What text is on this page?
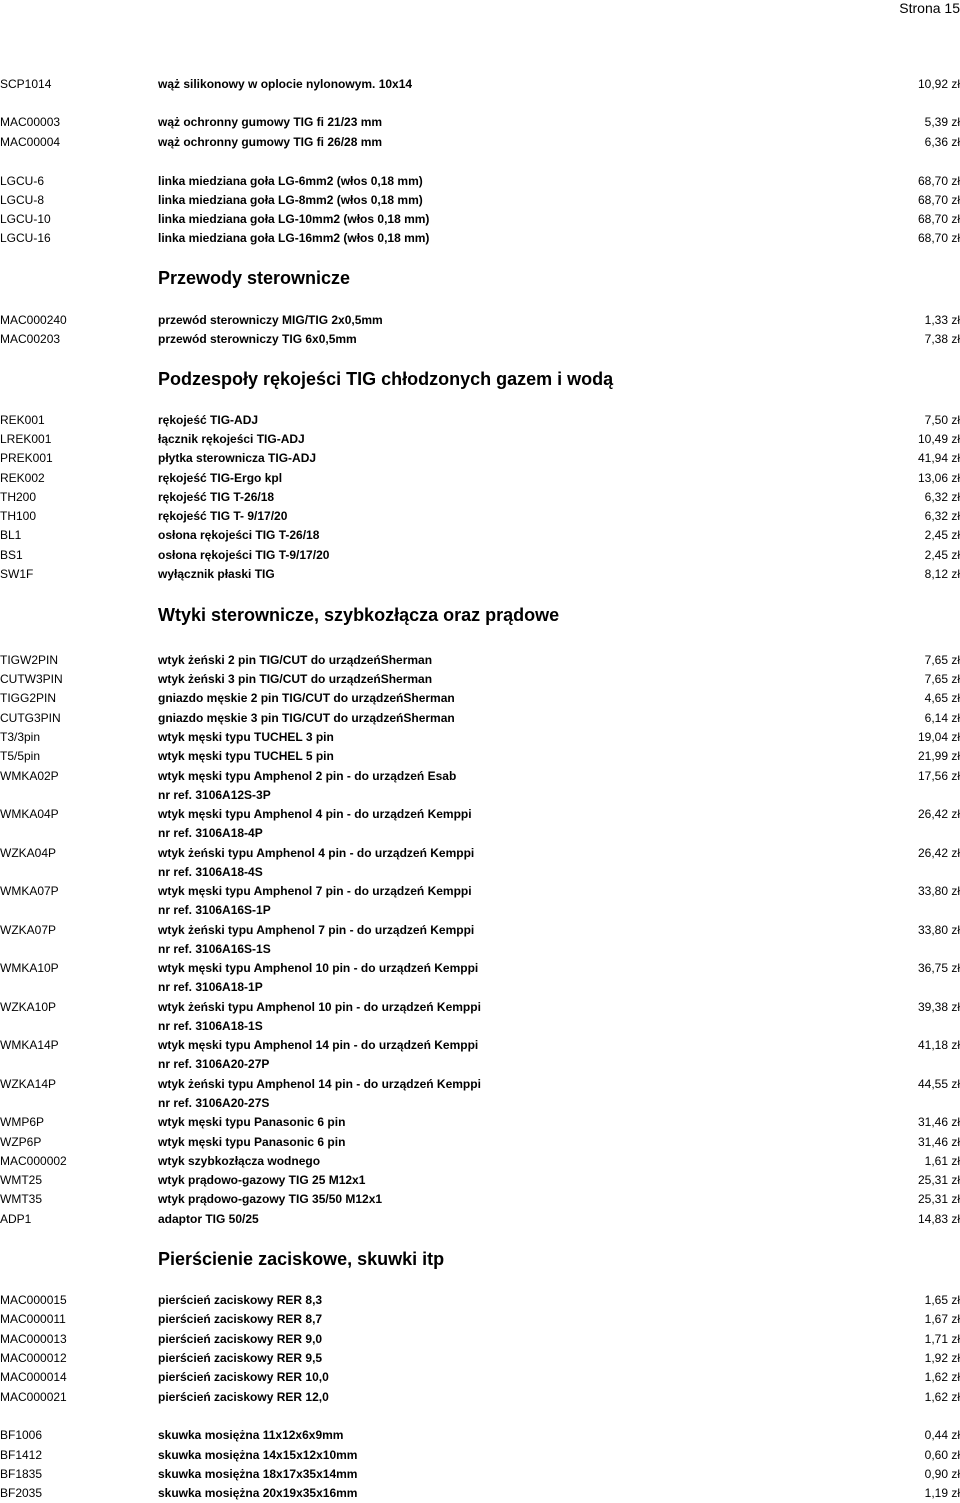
Strona 15
Przewody sterownicze
Podzespoły rękojeści TIG chłodzonych gazem i wodą
Wtyki sterownicze, szybkozłącza oraz prądowe
Pierścienie zaciskowe, skuwki itp
SCP1014	wąż silikonowy w oplocie nylonowym. 10x14	10,92 zł
MAC00003	wąż ochronny gumowy TIG fi 21/23 mm	5,39 zł
MAC00004	wąż ochronny gumowy TIG fi 26/28 mm	6,36 zł
LGCU-6	linka miedziana goła LG-6mm2 (włos 0,18 mm)	68,70 zł
LGCU-8	linka miedziana goła LG-8mm2 (włos 0,18 mm)	68,70 zł
LGCU-10	linka miedziana goła LG-10mm2 (włos 0,18 mm)	68,70 zł
LGCU-16	linka miedziana goła LG-16mm2 (włos 0,18 mm)	68,70 zł
MAC000240	przewód sterowniczy MIG/TIG 2x0,5mm	1,33 zł
MAC00203	przewód sterowniczy TIG 6x0,5mm	7,38 zł
REK001	rękojeść TIG-ADJ	7,50 zł
LREK001	łącznik rękojeści TIG-ADJ	10,49 zł
PREK001	płytka sterownicza TIG-ADJ	41,94 zł
REK002	rękojeść TIG-Ergo kpl	13,06 zł
TH200	rękojeść TIG T-26/18	6,32 zł
TH100	rękojeść TIG T- 9/17/20	6,32 zł
BL1	osłona rękojeści TIG T-26/18	2,45 zł
BS1	osłona rękojeści TIG T-9/17/20	2,45 zł
SW1F	wyłącznik płaski TIG	8,12 zł
TIGW2PIN	wtyk żeński 2 pin TIG/CUT do urządzeńSherman	7,65 zł
CUTW3PIN	wtyk żeński 3 pin TIG/CUT do urządzeńSherman	7,65 zł
TIGG2PIN	gniazdo męskie 2 pin TIG/CUT do urządzeńSherman	4,65 zł
CUTG3PIN	gniazdo męskie 3 pin TIG/CUT do urządzeńSherman	6,14 zł
T3/3pin	wtyk męski typu TUCHEL 3 pin	19,04 zł
T5/5pin	wtyk męski typu TUCHEL 5 pin	21,99 zł
WMKA02P	wtyk męski typu Amphenol 2 pin - do urządzeń Esab	17,56 zł
nr ref. 3106A12S-3P
WMKA04P	wtyk męski typu Amphenol 4 pin - do urządzeń Kemppi	26,42 zł
nr ref. 3106A18-4P
WZKA04P	wtyk żeński typu Amphenol 4 pin - do urządzeń Kemppi	26,42 zł
nr ref. 3106A18-4S
WMKA07P	wtyk męski typu Amphenol 7 pin - do urządzeń Kemppi	33,80 zł
nr ref. 3106A16S-1P
WZKA07P	wtyk żeński typu Amphenol 7 pin - do urządzeń Kemppi	33,80 zł
nr ref. 3106A16S-1S
WMKA10P	wtyk męski typu Amphenol 10 pin - do urządzeń Kemppi	36,75 zł
nr ref. 3106A18-1P
WZKA10P	wtyk żeński typu Amphenol 10 pin - do urządzeń Kemppi	39,38 zł
nr ref. 3106A18-1S
WMKA14P	wtyk męski typu Amphenol 14 pin - do urządzeń Kemppi	41,18 zł
nr ref. 3106A20-27P
WZKA14P	wtyk żeński typu Amphenol 14 pin - do urządzeń Kemppi	44,55 zł
nr ref. 3106A20-27S
WMP6P	wtyk męski typu Panasonic 6 pin	31,46 zł
WZP6P	wtyk męski typu Panasonic 6 pin	31,46 zł
MAC000002	wtyk szybkozłącza wodnego	1,61 zł
WMT25	wtyk prądowo-gazowy TIG 25 M12x1	25,31 zł
WMT35	wtyk prądowo-gazowy TIG 35/50 M12x1	25,31 zł
ADP1	adaptor TIG 50/25	14,83 zł
MAC000015	pierścień zaciskowy RER 8,3	1,65 zł
MAC000011	pierścień zaciskowy RER 8,7	1,67 zł
MAC000013	pierścień zaciskowy RER 9,0	1,71 zł
MAC000012	pierścień zaciskowy RER 9,5	1,92 zł
MAC000014	pierścień zaciskowy RER 10,0	1,62 zł
MAC000021	pierścień zaciskowy RER 12,0	1,62 zł
BF1006	skuwka mosiężna 11x12x6x9mm	0,44 zł
BF1412	skuwka mosiężna 14x15x12x10mm	0,60 zł
BF1835	skuwka mosiężna 18x17x35x14mm	0,90 zł
BF2035	skuwka mosiężna 20x19x35x16mm	1,19 zł
